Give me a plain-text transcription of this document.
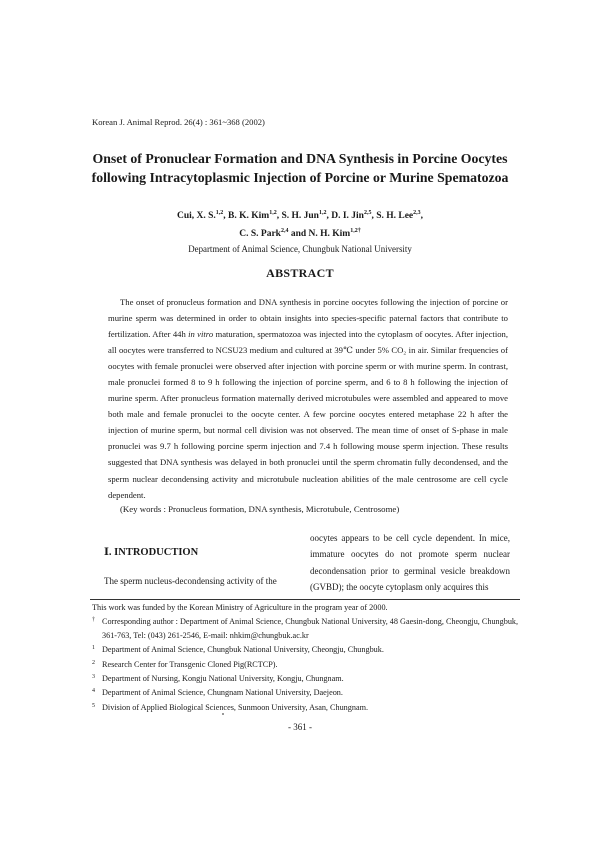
Korean J. Animal Reprod. 26(4) : 361~368 (2002)
Onset of Pronuclear Formation and DNA Synthesis in Porcine Oocytes following Intracytoplasmic Injection of Porcine or Murine Spematozoa
Cui, X. S.$^{1,2}$, B. K. Kim$^{1,2}$, S. H. Jun$^{1,2}$, D. I. Jin$^{2,5}$, S. H. Lee$^{2,3}$,
C. S. Park$^{2,4}$ and N. H. Kim$^{1,2\dagger}$
Department of Animal Science, Chungbuk National University
ABSTRACT

The onset of pronucleus formation and DNA synthesis in porcine oocytes following the injection of porcine or murine sperm was determined in order to obtain insights into species-specific paternal factors that contribute to fertilization. After 44h in vitro maturation, spermatozoa was injected into the cytoplasm of oocytes. After injection, all oocytes were transferred to NCSU23 medium and cultured at 39℃ under 5% CO₂ in air. Similar frequencies of oocytes with female pronuclei were observed after injection with porcine sperm or with murine sperm. In contrast, male pronuclei formed 8 to 9 h following the injection of porcine sperm, and 6 to 8 h following the injection of murine sperm. After pronucleus formation maternally derived microtubules were assembled and appeared to move both male and female pronuclei to the oocyte center. A few porcine oocytes entered metaphase 22 h after the injection of murine sperm, but normal cell division was not observed. The mean time of onset of S-phase in male pronuclei was 9.7 h following porcine sperm injection and 7.4 h following mouse sperm injection. These results suggested that DNA synthesis was delayed in both pronuclei until the sperm chromatin fully decondensed, and the sperm nuclear decondensing activity and microtubule nucleation abilities of the male centrosome are cell cycle dependent.

(Key words : Pronucleus formation, DNA synthesis, Microtubule, Centrosome)
Ⅰ. INTRODUCTION

The sperm nucleus-decondensing activity of the

oocytes appears to be cell cycle dependent. In mice, immature oocytes do not promote sperm nuclear decondensation prior to germinal vesicle breakdown (GVBD); the oocyte cytoplasm only acquires this

This work was funded by the Korean Ministry of Agriculture in the program year of 2000.

† Corresponding author : Department of Animal Science, Chungbuk National University, 48 Gaesin-dong, Cheongju, Chungbuk, 361-763, Tel: (043) 261-2546, E-mail: nhkim@chungbuk.ac.kr

1 Department of Animal Science, Chungbuk National University, Cheongju, Chungbuk.

2 Research Center for Transgenic Cloned Pig(RCTCP).

3 Department of Nursing, Kongju National University, Kongju, Chungnam.

4 Department of Animal Science, Chungnam National University, Daejeon.

5 Division of Applied Biological Sciences, Sunmoon University, Asan, Chungnam.

- 361 -
